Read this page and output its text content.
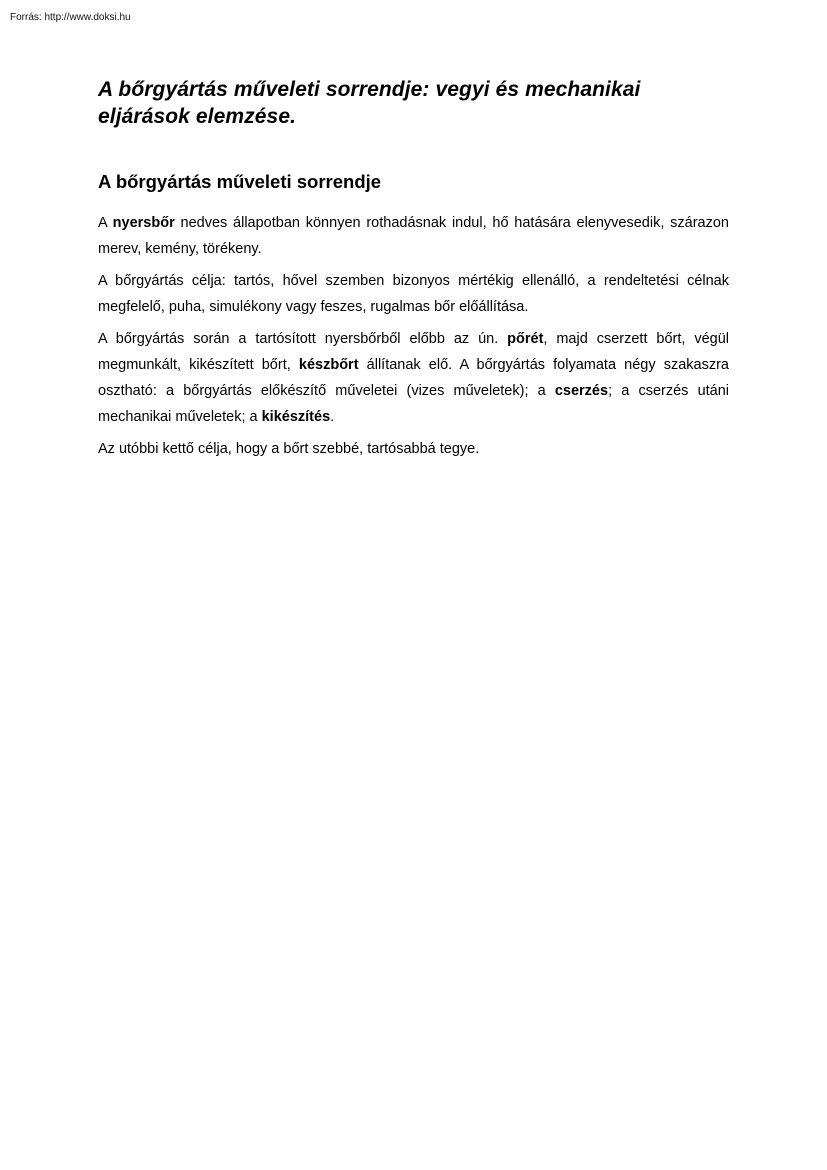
Forrás: http://www.doksi.hu
A bőrgyártás műveleti sorrendje: vegyi és mechanikai eljárások elemzése.
A bőrgyártás műveleti sorrendje

A nyersbőr nedves állapotban könnyen rothadásnak indul, hő hatására elenyvesedik, szárazon merev, kemény, törékeny.

A bőrgyártás célja: tartós, hővel szemben bizonyos mértékig ellenálló, a rendeltetési célnak megfelelő, puha, simulékony vagy feszes, rugalmas bőr előállítása.

A bőrgyártás során a tartósított nyersbőrből előbb az ún. pőrét, majd cserzett bőrt, végül megmunkált, kikészített bőrt, készbőrt állítanak elő. A bőrgyártás folyamata négy szakaszra osztható: a bőrgyártás előkészítő műveletei (vizes műveletek); a cserzés; a cserzés utáni mechanikai műveletek; a kikészítés.

Az utóbbi kettő célja, hogy a bőrt szebbé, tartósabbá tegye.
